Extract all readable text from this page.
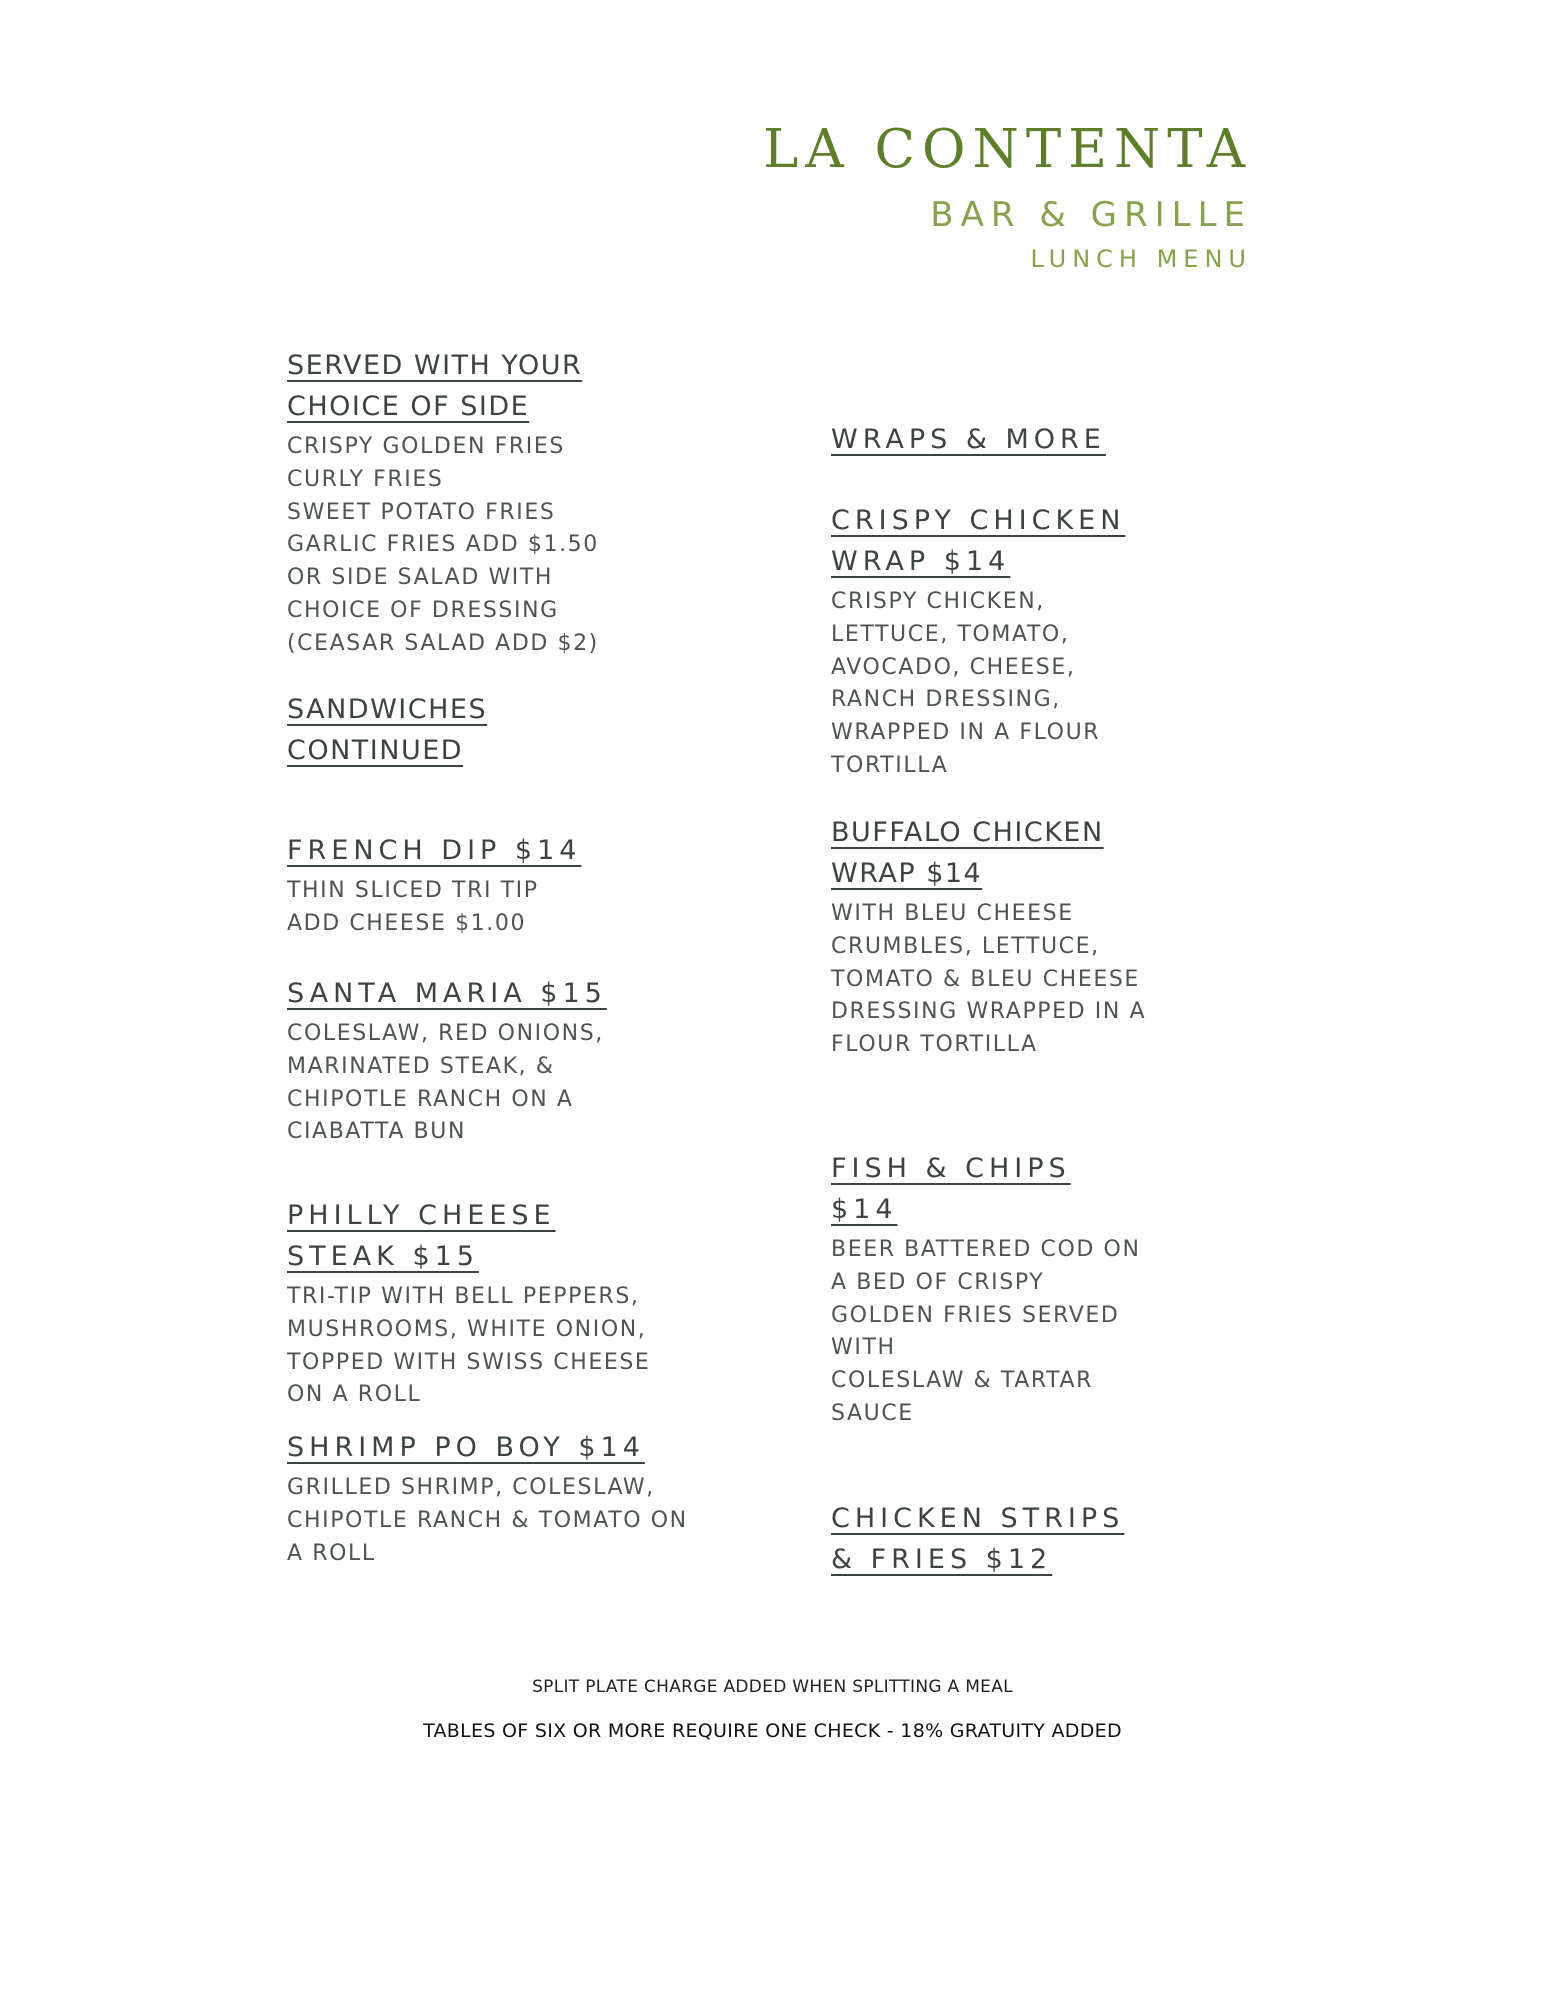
LA CONTENTA
BAR & GRILLE
LUNCH MENU
SERVED WITH YOUR
CHOICE OF SIDE
CRISPY GOLDEN FRIES
CURLY FRIES
SWEET POTATO FRIES
GARLIC FRIES ADD $1.50
OR SIDE SALAD WITH
CHOICE OF DRESSING
(CEASAR SALAD ADD $2)
SANDWICHES
CONTINUED
FRENCH DIP $14
THIN SLICED TRI TIP
ADD CHEESE $1.00
SANTA MARIA $15
COLESLAW, RED ONIONS,
MARINATED STEAK, &
CHIPOTLE RANCH ON A
CIABATTA BUN
PHILLY CHEESE
STEAK $15
TRI-TIP WITH BELL PEPPERS,
MUSHROOMS, WHITE ONION,
TOPPED WITH SWISS CHEESE
ON A ROLL
SHRIMP PO BOY $14
GRILLED SHRIMP, COLESLAW,
CHIPOTLE RANCH & TOMATO ON
A ROLL
WRAPS & MORE
CRISPY CHICKEN
WRAP $14
CRISPY CHICKEN,
LETTUCE, TOMATO,
AVOCADO, CHEESE,
RANCH DRESSING,
WRAPPED IN A FLOUR
TORTILLA
BUFFALO CHICKEN
WRAP $14
WITH BLEU CHEESE
CRUMBLES, LETTUCE,
TOMATO & BLEU CHEESE
DRESSING WRAPPED IN A
FLOUR TORTILLA
FISH & CHIPS
$14
BEER BATTERED COD ON
A BED OF CRISPY
GOLDEN FRIES SERVED
WITH
COLESLAW & TARTAR
SAUCE
CHICKEN STRIPS
& FRIES $12
SPLIT PLATE CHARGE ADDED WHEN SPLITTING A MEAL
TABLES OF SIX OR MORE REQUIRE ONE CHECK - 18% GRATUITY ADDED
